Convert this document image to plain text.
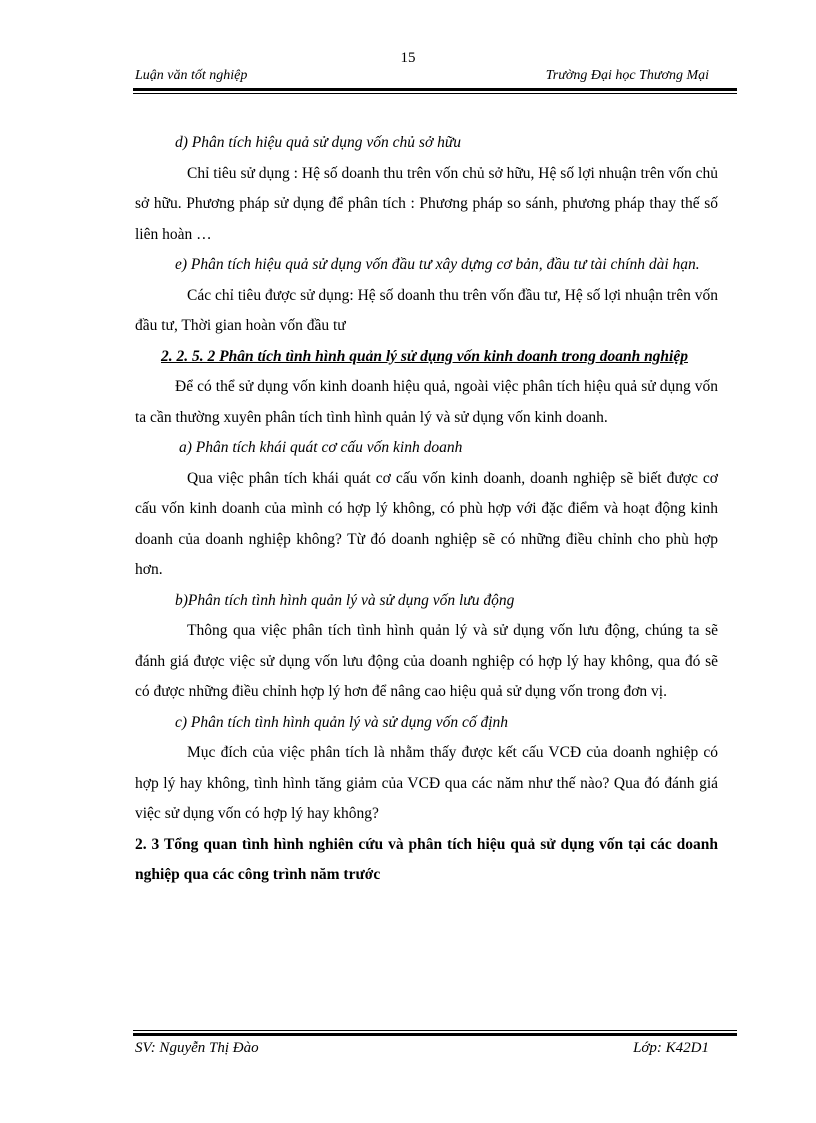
15
Luận văn tốt nghiệp	Trường Đại học Thương Mại

d) Phân tích hiệu quả sử dụng vốn chủ sở hữu

Chỉ tiêu sử dụng : Hệ số doanh thu trên vốn chủ sở hữu, Hệ số lợi nhuận trên vốn chủ sở hữu. Phương pháp sử dụng để phân tích : Phương pháp so sánh, phương pháp thay thế số liên hoàn …

e) Phân tích hiệu quả sử dụng vốn đầu tư xây dựng cơ bản, đầu tư tài chính dài hạn.

Các chỉ tiêu được sử dụng: Hệ số doanh thu trên vốn đầu tư, Hệ số lợi nhuận trên vốn đầu tư, Thời gian hoàn vốn đầu tư

2. 2. 5. 2 Phân tích tình hình quản lý sử dụng vốn kinh doanh trong doanh nghiệp

Để có thể sử dụng vốn kinh doanh hiệu quả, ngoài việc phân tích hiệu quả sử dụng vốn ta cần thường xuyên phân tích tình hình quản lý và sử dụng vốn kinh doanh.

a) Phân tích khái quát cơ cấu vốn kinh doanh

Qua việc phân tích khái quát cơ cấu vốn kinh doanh, doanh nghiệp sẽ biết được cơ cấu vốn kinh doanh của mình có hợp lý không, có phù hợp với đặc điểm và hoạt động kinh doanh của doanh nghiệp không? Từ đó doanh nghiệp sẽ có những điều chỉnh cho phù hợp hơn.

b)Phân tích tình hình quản lý và sử dụng vốn lưu động

Thông qua việc phân tích tình hình quản lý và sử dụng vốn lưu động, chúng ta sẽ đánh giá được việc sử dụng vốn lưu động của doanh nghiệp có hợp lý hay không, qua đó sẽ có được những điều chỉnh hợp lý hơn để nâng cao hiệu quả sử dụng vốn trong đơn vị.

c) Phân tích tình hình quản lý và sử dụng vốn cố định

Mục đích của việc phân tích là nhằm thấy được kết cấu VCĐ của doanh nghiệp có hợp lý hay không, tình hình tăng giảm của VCĐ qua các năm như thế nào? Qua đó đánh giá việc sử dụng vốn có hợp lý hay không?

2. 3 Tổng quan tình hình nghiên cứu và phân tích hiệu quả sử dụng vốn tại các doanh nghiệp qua các công trình năm trước

SV: Nguyễn Thị Đào	Lớp: K42D1
